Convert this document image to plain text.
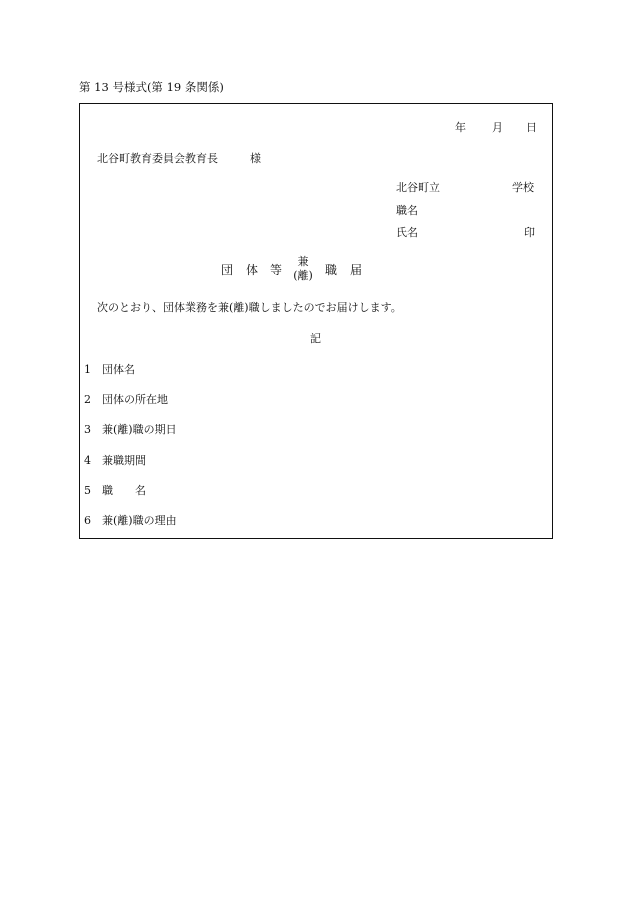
第 13 号様式(第 19 条関係)
年 月 日
北谷町教育委員会教育長	様
北谷町立	学校
職名
氏名	印
団 体 等
兼
(離) 職 届
次のとおり、団体業務を兼(離)職しましたのでお届けします。
記
1 団体名
2 団体の所在地
3 兼(離)職の期日
4 兼職期間
5 職　　名
6 兼(離)職の理由
